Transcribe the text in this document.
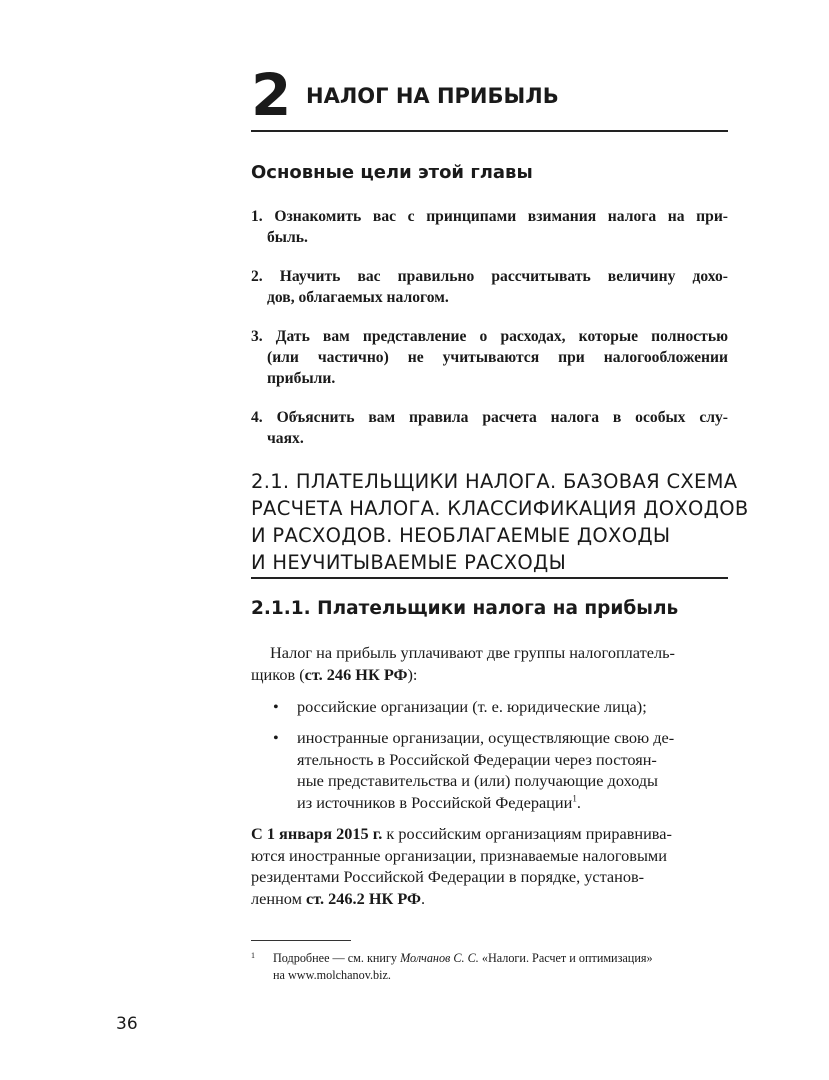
2 НАЛОГ НА ПРИБЫЛЬ
Основные цели этой главы
1. Ознакомить вас с принципами взимания налога на при-
быль.
2. Научить вас правильно рассчитывать величину дохо-
дов, облагаемых налогом.
3. Дать вам представление о расходах, которые полностью
(или частично) не учитываются при налогообложении
прибыли.
4. Объяснить вам правила расчета налога в особых слу-
чаях.
2.1. ПЛАТЕЛЬЩИКИ НАЛОГА. БАЗОВАЯ СХЕМА
РАСЧЕТА НАЛОГА. КЛАССИФИКАЦИЯ ДОХОДОВ
И РАСХОДОВ. НЕОБЛАГАЕМЫЕ ДОХОДЫ
И НЕУЧИТЫВАЕМЫЕ РАСХОДЫ
2.1.1. Плательщики налога на прибыль
Налог на прибыль уплачивают две группы налогоплатель-
щиков (ст. 246 НК РФ):
• российские организации (т. е. юридические лица);
• иностранные организации, осуществляющие свою де-
ятельность в Российской Федерации через постоян-
ные представительства и (или) получающие доходы
из источников в Российской Федерации$^1$.
С 1 января 2015 г. к российским организациям приравнива-
ются иностранные организации, признаваемые налоговыми
резидентами Российской Федерации в порядке, установ-
ленном ст. 246.2 НК РФ.
1 Подробнее — см. книгу Молчанов С. С. «Налоги. Расчет и оптимизация»
на www.molchanov.biz.
36
